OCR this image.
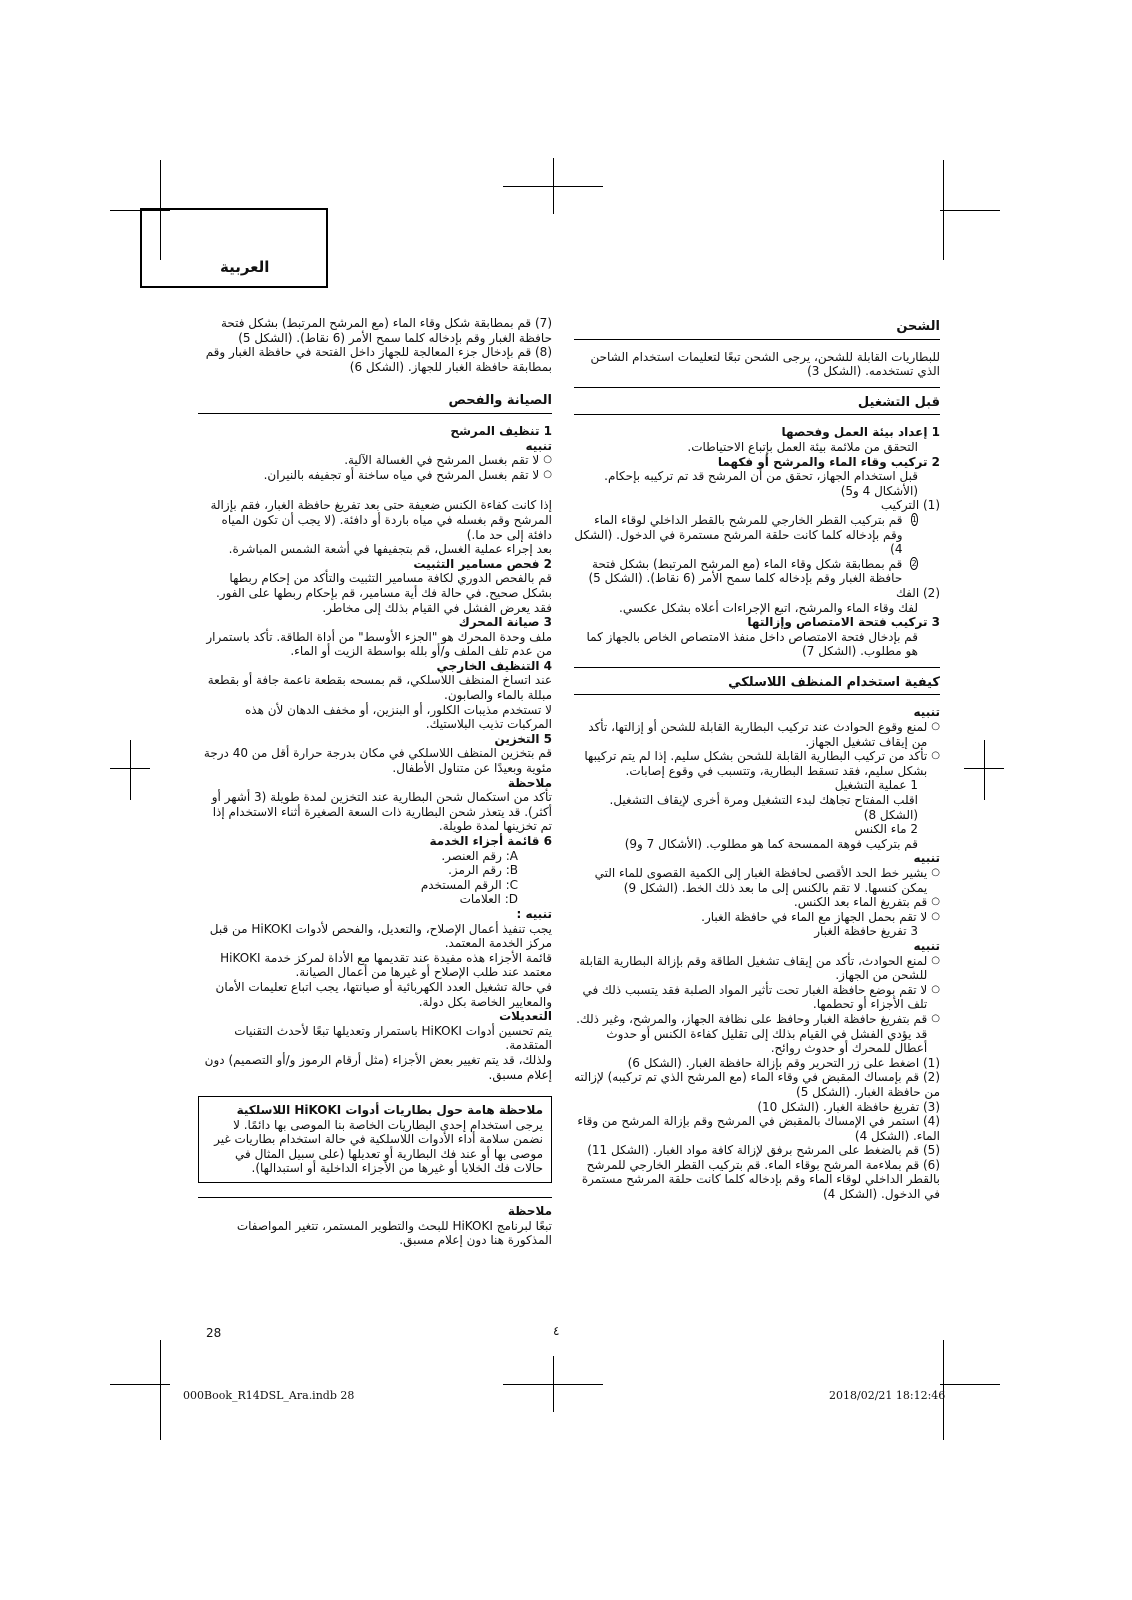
العربية
الشحن

للبطاريات القابلة للشحن، يرجى الشحن تبعًا لتعليمات استخدام الشاحن الذي تستخدمه. (الشكل 3)

قبل التشغيل

1 إعداد بيئة العمل وفحصها

التحقق من ملائمة بيئة العمل بإتباع الاحتياطات.

2 تركيب وقاء الماء والمرشح أو فكهما

قبل استخدام الجهاز، تحقق من أن المرشح قد تم تركيبه بإحكام. (الأشكال 4 و5)

(1) التركيب

1

قم بتركيب القطر الخارجي للمرشح بالقطر الداخلي لوقاء الماء وقم بإدخاله كلما كانت حلقة المرشح مستمرة في الدخول. (الشكل 4)

2

قم بمطابقة شكل وقاء الماء (مع المرشح المرتبط) بشكل فتحة حافظة الغبار وقم بإدخاله كلما سمح الأمر (6 نقاط). (الشكل 5)

(2) الفك

لفك وقاء الماء والمرشح، اتبع الإجراءات أعلاه بشكل عكسي.

3 تركيب فتحة الامتصاص وإزالتها

قم بإدخال فتحة الامتصاص داخل منفذ الامتصاص الخاص بالجهاز كما هو مطلوب. (الشكل 7)

كيفية استخدام المنظف اللاسلكي

تنبيه

○ لمنع وقوع الحوادث عند تركيب البطارية القابلة للشحن أو إزالتها، تأكد من إيقاف تشغيل الجهاز.

○ تأكد من تركيب البطارية القابلة للشحن بشكل سليم. إذا لم يتم تركيبها بشكل سليم، فقد تسقط البطارية، وتتسبب في وقوع إصابات.

1 عملية التشغيل

اقلب المفتاح تجاهك لبدء التشغيل ومرة أخرى لإيقاف التشغيل. (الشكل 8)

2 ماء الكنس

قم بتركيب فوهة الممسحة كما هو مطلوب. (الأشكال 7 و9)

تنبيه

○ يشير خط الحد الأقصى لحافظة الغبار إلى الكمية القصوى للماء التي يمكن كنسها. لا تقم بالكنس إلى ما بعد ذلك الخط. (الشكل 9)

○ قم بتفريغ الماء بعد الكنس.

○ لا تقم بحمل الجهاز مع الماء في حافظة الغبار.

3 تفريغ حافظة الغبار

تنبيه

○ لمنع الحوادث، تأكد من إيقاف تشغيل الطاقة وقم بإزالة البطارية القابلة للشحن من الجهاز.

○ لا تقم بوضع حافظة الغبار تحت تأثير المواد الصلبة فقد يتسبب ذلك في تلف الأجزاء أو تحطمها.

○ قم بتفريغ حافظة الغبار وحافظ على نظافة الجهاز، والمرشح، وغير ذلك. قد يؤدي الفشل في القيام بذلك إلى تقليل كفاءة الكنس أو حدوث أعطال للمحرك أو حدوث روائح.

(1) اضغط على زر التحرير وقم بإزالة حافظة الغبار. (الشكل 6)

(2) قم بإمساك المقبض في وقاء الماء (مع المرشح الذي تم تركيبه) لإزالته من حافظة الغبار. (الشكل 5)

(3) تفريغ حافظة الغبار. (الشكل 10)

(4) استمر في الإمساك بالمقبض في المرشح وقم بإزالة المرشح من وقاء الماء. (الشكل 4)

(5) قم بالضغط على المرشح برفق لإزالة كافة مواد الغبار. (الشكل 11)

(6) قم بملاءمة المرشح بوقاء الماء. قم بتركيب القطر الخارجي للمرشح بالقطر الداخلي لوقاء الماء وقم بإدخاله كلما كانت حلقة المرشح مستمرة في الدخول. (الشكل 4)

(7) قم بمطابقة شكل وقاء الماء (مع المرشح المرتبط) بشكل فتحة حافظة الغبار وقم بإدخاله كلما سمح الأمر (6 نقاط). (الشكل 5)

(8) قم بإدخال جزء المعالجة للجهاز داخل الفتحة في حافظة الغبار وقم بمطابقة حافظة الغبار للجهاز. (الشكل 6)

الصيانة والفحص

1 تنظيف المرشح

تنبيه

○ لا تقم بغسل المرشح في الغسالة الآلية.

○ لا تقم بغسل المرشح في مياه ساخنة أو تجفيفه بالنيران.

إذا كانت كفاءة الكنس ضعيفة حتى بعد تفريغ حافظة الغبار، فقم بإزالة المرشح وقم بغسله في مياه باردة أو دافئة. (لا يجب أن تكون المياه دافئة إلى حد ما.)

بعد إجراء عملية الغسل، قم بتجفيفها في أشعة الشمس المباشرة.

2 فحص مسامير التثبيت

قم بالفحص الدوري لكافة مسامير التثبيت والتأكد من إحكام ربطها بشكل صحيح. في حالة فك أية مسامير، قم بإحكام ربطها على الفور. فقد يعرض الفشل في القيام بذلك إلى مخاطر.

3 صيانة المحرك

ملف وحدة المحرك هو "الجزء الأوسط" من أداة الطاقة. تأكد باستمرار من عدم تلف الملف و/أو بلله بواسطة الزيت أو الماء.

4 التنظيف الخارجي

عند اتساخ المنظف اللاسلكي، قم بمسحه بقطعة ناعمة جافة أو بقطعة مبللة بالماء والصابون.

لا تستخدم مذيبات الكلور، أو البنزين، أو مخفف الدهان لأن هذه المركبات تذيب البلاستيك.

5 التخزين

قم بتخزين المنظف اللاسلكي في مكان بدرجة حرارة أقل من 40 درجة مئوية وبعيدًا عن متناول الأطفال.

ملاحظة

تأكد من استكمال شحن البطارية عند التخزين لمدة طويلة (3 أشهر أو أكثر). قد يتعذر شحن البطارية ذات السعة الصغيرة أثناء الاستخدام إذا تم تخزينها لمدة طويلة.

6 قائمة أجزاء الخدمة

A: رقم العنصر.

B: رقم الرمز.

C: الرقم المستخدم

D: العلامات

تنبيه :

يجب تنفيذ أعمال الإصلاح، والتعديل، والفحص لأدوات HiKOKI من قبل مركز الخدمة المعتمد.

قائمة الأجزاء هذه مفيدة عند تقديمها مع الأداة لمركز خدمة HiKOKI معتمد عند طلب الإصلاح أو غيرها من أعمال الصيانة.

في حالة تشغيل العدد الكهربائية أو صيانتها، يجب اتباع تعليمات الأمان والمعايير الخاصة بكل دولة.

التعديلات

يتم تحسين أدوات HiKOKI باستمرار وتعديلها تبعًا لأحدث التقنيات المتقدمة.

ولذلك، قد يتم تغيير بعض الأجزاء (مثل أرقام الرموز و/أو التصميم) دون إعلام مسبق.

ملاحظة هامة حول بطاريات أدوات HiKOKI اللاسلكية

يرجى استخدام إحدى البطاريات الخاصة بنا الموصى بها دائمًا. لا نضمن سلامة أداء الأدوات اللاسلكية في حالة استخدام بطاريات غير موصى بها أو عند فك البطارية أو تعديلها (على سبيل المثال في حالات فك الخلايا أو غيرها من الأجزاء الداخلية أو استبدالها).

ملاحظة

تبعًا لبرنامج HiKOKI للبحث والتطوير المستمر، تتغير المواصفات المذكورة هنا دون إعلام مسبق.

28	٤
000Book_R14DSL_Ara.indb 28	2018/02/21 18:12:46
